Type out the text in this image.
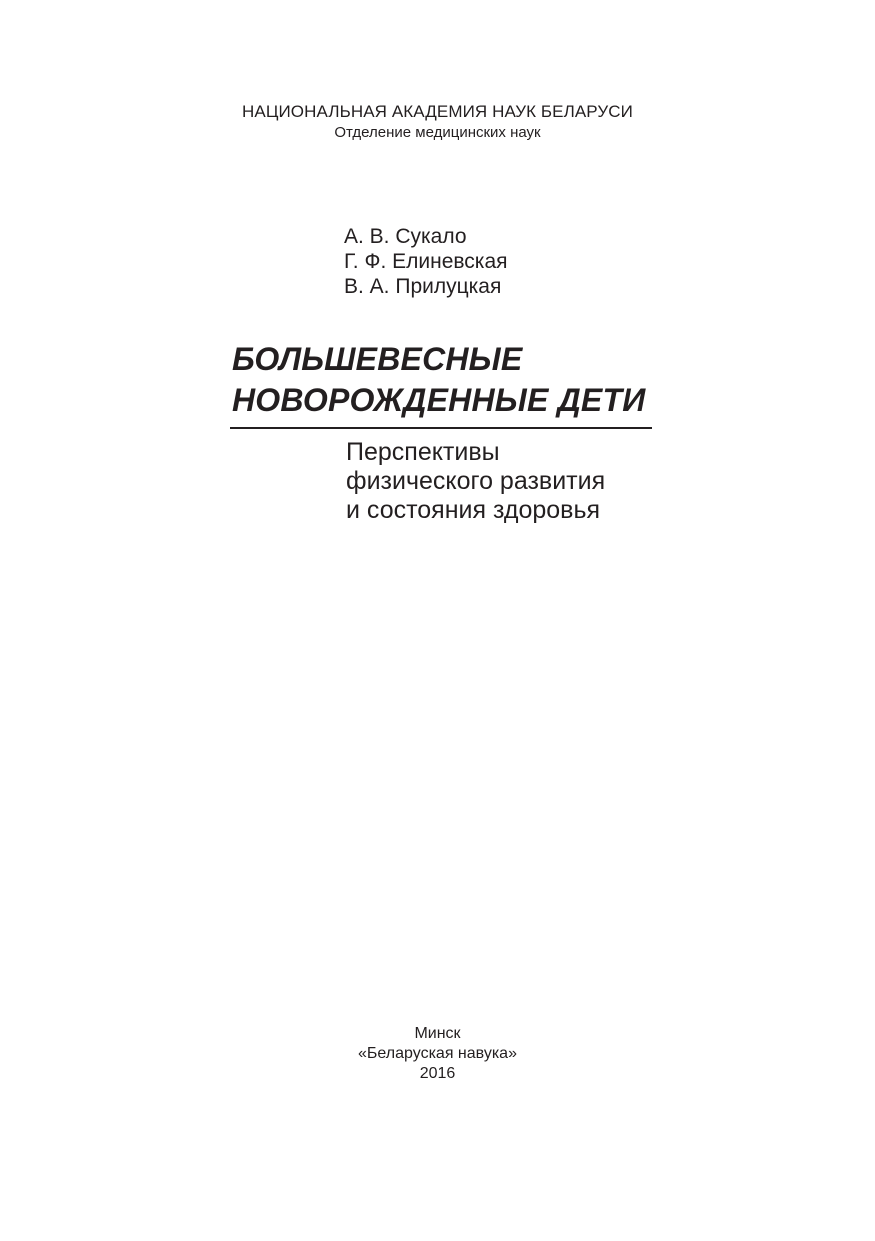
НАЦИОНАЛЬНАЯ АКАДЕМИЯ НАУК БЕЛАРУСИ
Отделение медицинских наук
А. В. Сукало
Г. Ф. Елиневская
В. А. Прилуцкая
БОЛЬШЕВЕСНЫЕ
НОВОРОЖДЕННЫЕ ДЕТИ
Перспективы
физического развития
и состояния здоровья
Минск
«Беларуская навука»
2016
